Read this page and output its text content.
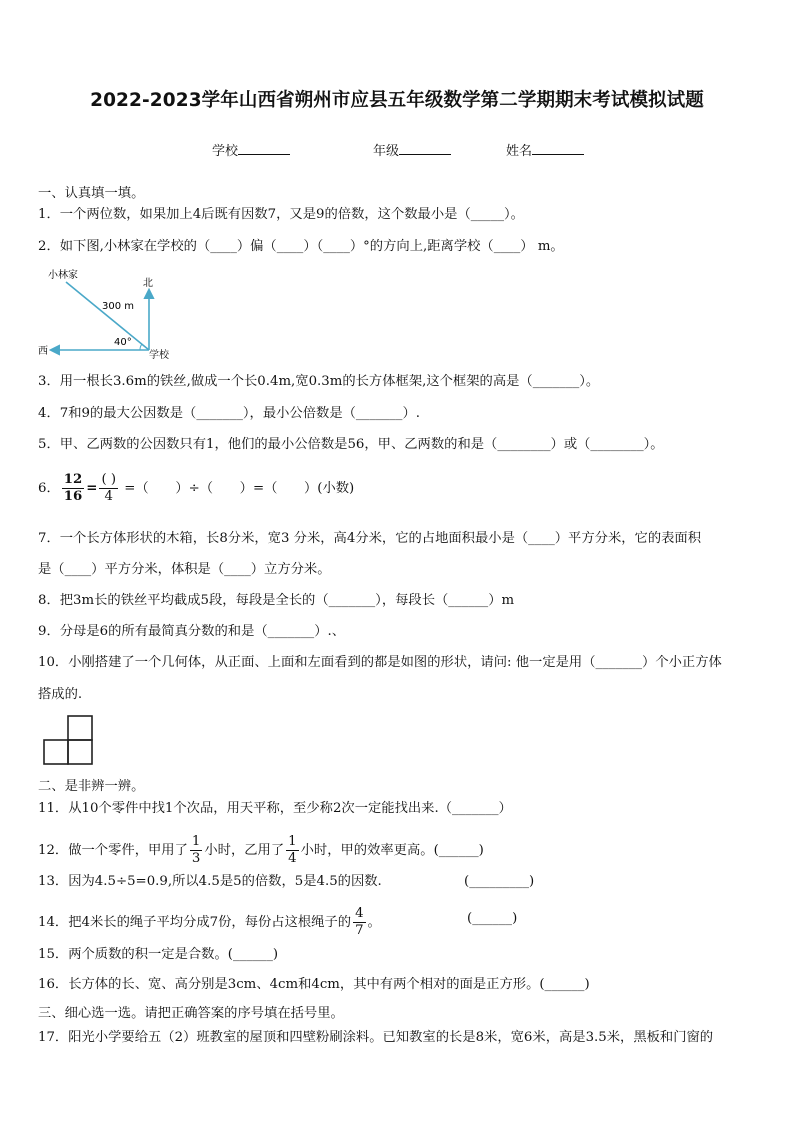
2022-2023学年山西省朔州市应县五年级数学第二学期期末考试模拟试题
学校	年级	姓名
一、认真填一填。
1．一个两位数，如果加上4后既有因数7，又是9的倍数，这个数最小是（_____）。
2．如下图,小林家在学校的（____）偏（____）（____）°的方向上,距离学校（____） m。
小林家
北
西	学校
300 m
40°
3．用一根长3.6m的铁丝,做成一个长0.4m,宽0.3m的长方体框架,这个框架的高是（_______）。
4．7和9的最大公因数是（_______），最小公倍数是（_______）.
5．甲、乙两数的公因数只有1，他们的最小公倍数是56，甲、乙两数的和是（________）或（________）。
6． $\frac{12}{16} = \frac{( )}{4}$ =（　　）÷（　　）=（　　）(小数)
7．一个长方体形状的木箱，长8分米，宽3 分米，高4分米，它的占地面积最小是（____）平方分米，它的表面积
是（____）平方分米，体积是（____）立方分米。
8．把3m长的铁丝平均截成5段，每段是全长的（_______），每段长（______）m
9．分母是6的所有最简真分数的和是（_______）.、
10．小刚搭建了一个几何体，从正面、上面和左面看到的都是如图的形状，请问: 他一定是用（_______）个小正方体
搭成的.
二、是非辨一辨。
11．从10个零件中找1个次品，用天平称，至少称2次一定能找出来.（_______）
12．做一个零件，甲用了 $\frac{1}{3}$ 小时，乙用了 $\frac{1}{4}$ 小时，甲的效率更高。(______)
13．因为4.5÷5=0.9,所以4.5是5的倍数，5是4.5的因数.	(_________)
14．把4米长的绳子平均分成7份，每份占这根绳子的 $\frac{4}{7}$ 。	(______)
15．两个质数的积一定是合数。(______)
16．长方体的长、宽、高分别是3cm、4cm和4cm，其中有两个相对的面是正方形。(______)
三、细心选一选。请把正确答案的序号填在括号里。
17．阳光小学要给五（2）班教室的屋顶和四壁粉刷涂料。已知教室的长是8米，宽6米，高是3.5米，黑板和门窗的
